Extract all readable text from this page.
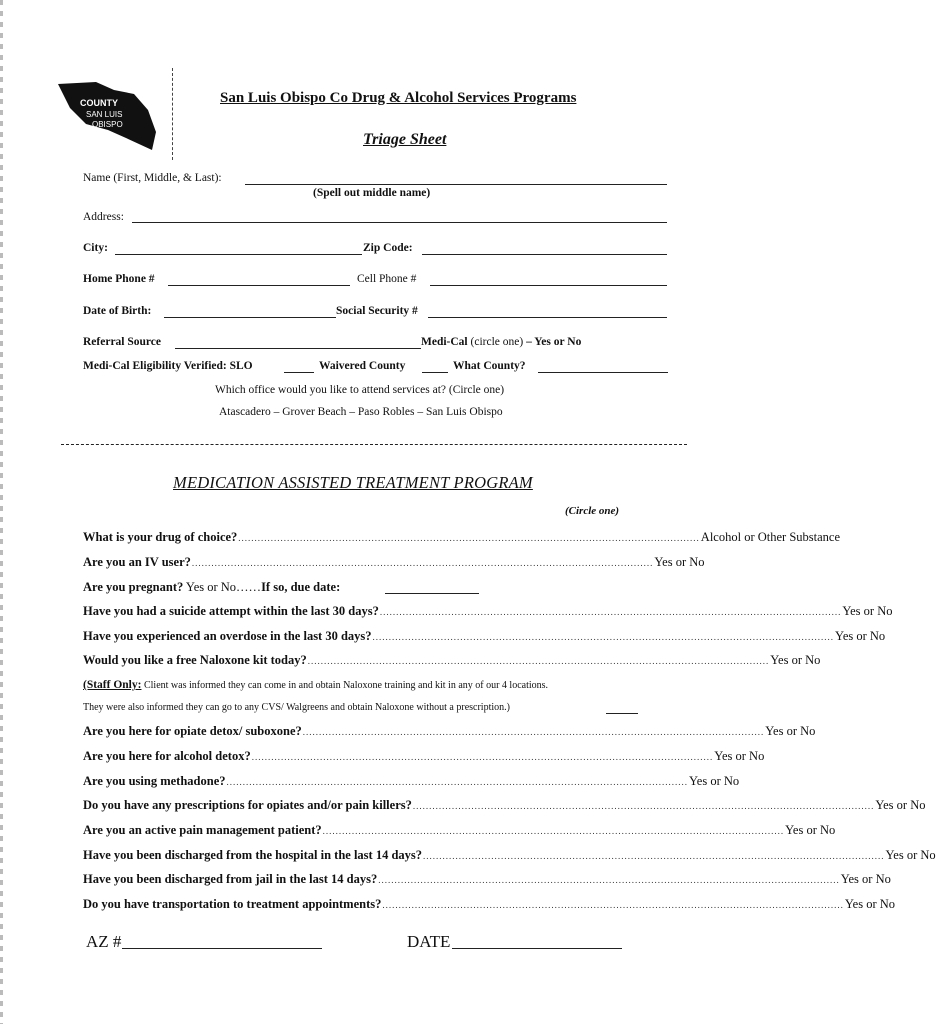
COUNTY
SAN LUIS
OBISPO
San Luis Obispo Co Drug & Alcohol Services Programs
Triage Sheet
Name (First, Middle, & Last):
(Spell out middle name)
Address:
City:	Zip Code:
Home Phone #	Cell Phone #
Date of Birth:	Social Security #
Referral Source	Medi-Cal (circle one) – Yes or No
Medi-Cal Eligibility Verified: SLO	Waivered County	What County?
Which office would you like to attend services at? (Circle one)
Atascadero – Grover Beach – Paso Robles – San Luis Obispo
MEDICATION ASSISTED TREATMENT PROGRAM
(Circle one)
What is your drug of choice? .............................................................................................................................................. Alcohol or Other Substance
Are you an IV user? .............................................................................................................................................. Yes or No
Are you pregnant? Yes or No……If so, due date:
Have you had a suicide attempt within the last 30 days? .............................................................................................................................................. Yes or No
Have you experienced an overdose in the last 30 days? .............................................................................................................................................. Yes or No
Would you like a free Naloxone kit today? .............................................................................................................................................. Yes or No
(Staff Only: Client was informed they can come in and obtain Naloxone training and kit in any of our 4 locations.
They were also informed they can go to any CVS/ Walgreens and obtain Naloxone without a prescription.)
Are you here for opiate detox/ suboxone? .............................................................................................................................................. Yes or No
Are you here for alcohol detox? .............................................................................................................................................. Yes or No
Are you using methadone? .............................................................................................................................................. Yes or No
Do you have any prescriptions for opiates and/or pain killers? .............................................................................................................................................. Yes or No
Are you an active pain management patient? .............................................................................................................................................. Yes or No
Have you been discharged from the hospital in the last 14 days? .............................................................................................................................................. Yes or No
Have you been discharged from jail in the last 14 days? .............................................................................................................................................. Yes or No
Do you have transportation to treatment appointments? .............................................................................................................................................. Yes or No
AZ #	DATE
